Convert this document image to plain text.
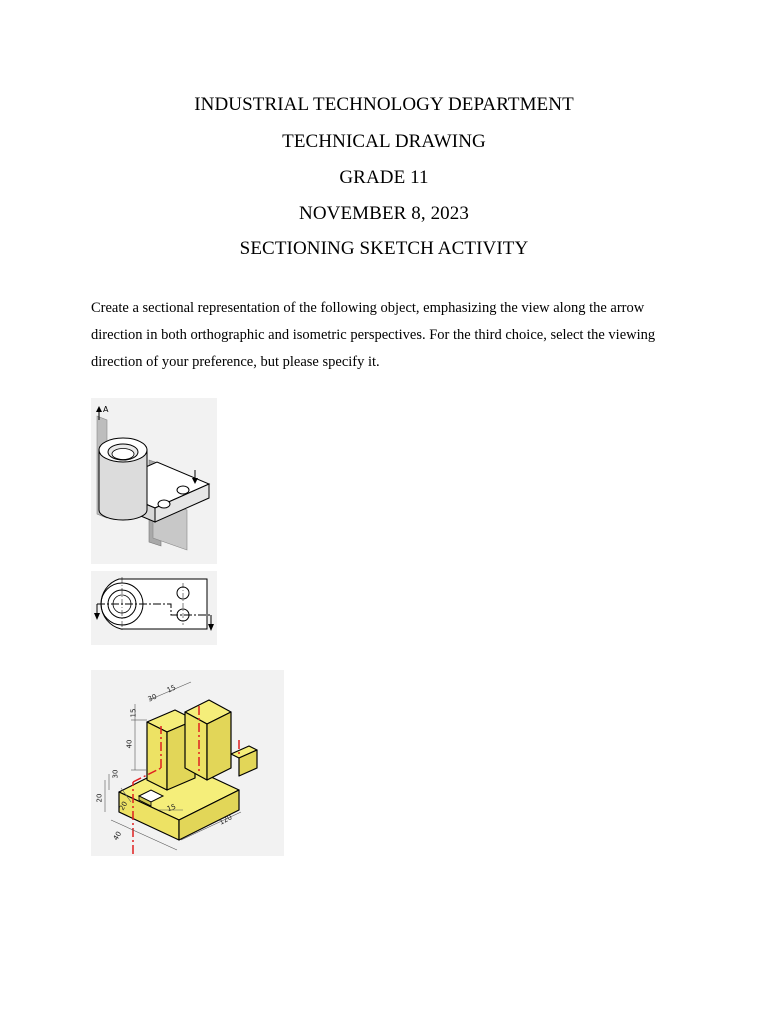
INDUSTRIAL TECHNOLOGY DEPARTMENT
TECHNICAL DRAWING
GRADE 11
NOVEMBER 8, 2023
SECTIONING SKETCH ACTIVITY
Create a sectional representation of the following object, emphasizing the view along the arrow
direction in both orthographic and isometric perspectives. For the third choice, select the viewing
direction of your preference, but please specify it.
A
15
30
15
40
30
20
20	15
40
120
